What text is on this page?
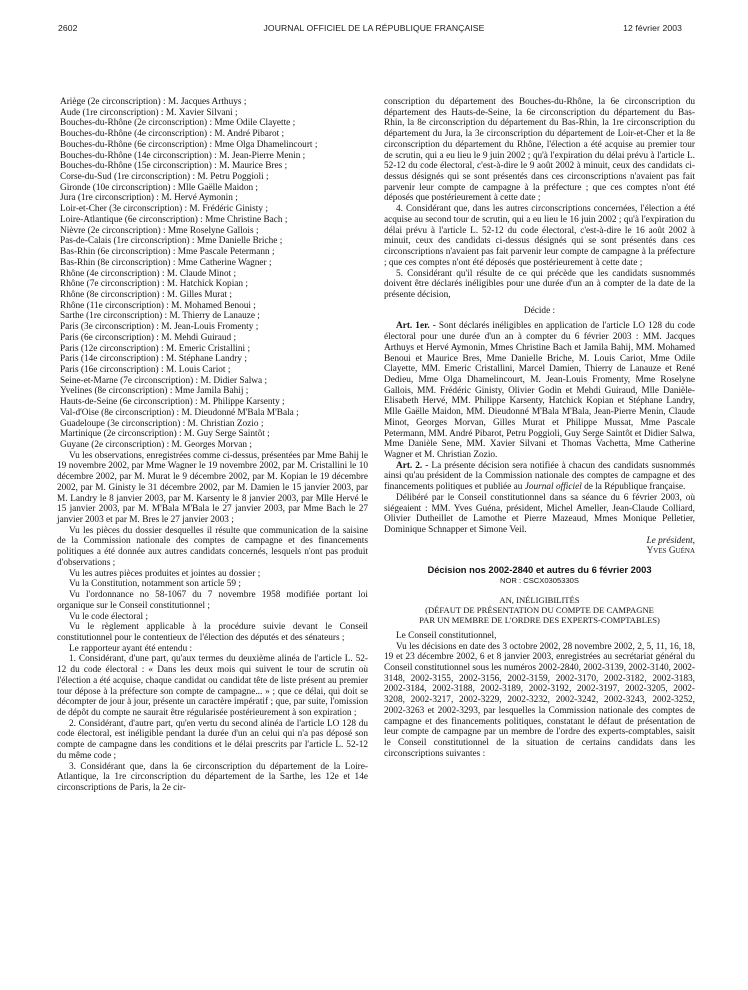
2602	JOURNAL OFFICIEL DE LA RÉPUBLIQUE FRANÇAISE	12 février 2003

Ariège (2e circonscription) : M. Jacques Arthuys ;

Aude (1re circonscription) : M. Xavier Silvani ;

Bouches-du-Rhône (2e circonscription) : Mme Odile Clayette ;

Bouches-du-Rhône (4e circonscription) : M. André Pibarot ;

Bouches-du-Rhône (6e circonscription) : Mme Olga Dhamelincourt ;

Bouches-du-Rhône (14e circonscription) : M. Jean-Pierre Menin ;

Bouches-du-Rhône (15e circonscription) : M. Maurice Bres ;

Corse-du-Sud (1re circonscription) : M. Petru Poggioli ;

Gironde (10e circonscription) : Mlle Gaëlle Maidon ;

Jura (1re circonscription) : M. Hervé Aymonin ;

Loir-et-Cher (3e circonscription) : M. Frédéric Ginisty ;

Loire-Atlantique (6e circonscription) : Mme Christine Bach ;

Nièvre (2e circonscription) : Mme Roselyne Gallois ;

Pas-de-Calais (1re circonscription) : Mme Danielle Briche ;

Bas-Rhin (6e circonscription) : Mme Pascale Petermann ;

Bas-Rhin (8e circonscription) : Mme Catherine Wagner ;

Rhône (4e circonscription) : M. Claude Minot ;

Rhône (7e circonscription) : M. Hatchick Kopian ;

Rhône (8e circonscription) : M. Gilles Murat ;

Rhône (11e circonscription) : M. Mohamed Benoui ;

Sarthe (1re circonscription) : M. Thierry de Lanauze ;

Paris (3e circonscription) : M. Jean-Louis Fromenty ;

Paris (6e circonscription) : M. Mehdi Guiraud ;

Paris (12e circonscription) : M. Emeric Cristallini ;

Paris (14e circonscription) : M. Stéphane Landry ;

Paris (16e circonscription) : M. Louis Cariot ;

Seine-et-Marne (7e circonscription) : M. Didier Salwa ;

Yvelines (8e circonscription) : Mme Jamila Bahij ;

Hauts-de-Seine (6e circonscription) : M. Philippe Karsenty ;

Val-d'Oise (8e circonscription) : M. Dieudonné M'Bala M'Bala ;

Guadeloupe (3e circonscription) : M. Christian Zozio ;

Martinique (2e circonscription) : M. Guy Serge Saintôt ;

Guyane (2e circonscription) : M. Georges Morvan ;

Vu les observations, enregistrées comme ci-dessus, présentées par Mme Bahij le 19 novembre 2002, par Mme Wagner le 19 novembre 2002, par M. Cristallini le 10 décembre 2002, par M. Murat le 9 décembre 2002, par M. Kopian le 19 décembre 2002, par M. Ginisty le 31 décembre 2002, par M. Damien le 15 janvier 2003, par M. Landry le 8 janvier 2003, par M. Karsenty le 8 janvier 2003, par Mlle Hervé le 15 janvier 2003, par M. M'Bala M'Bala le 27 janvier 2003, par Mme Bach le 27 janvier 2003 et par M. Bres le 27 janvier 2003 ;

Vu les pièces du dossier desquelles il résulte que communication de la saisine de la Commission nationale des comptes de campagne et des financements politiques a été donnée aux autres candidats concernés, lesquels n'ont pas produit d'observations ;

Vu les autres pièces produites et jointes au dossier ;

Vu la Constitution, notamment son article 59 ;

Vu l'ordonnance no 58-1067 du 7 novembre 1958 modifiée portant loi organique sur le Conseil constitutionnel ;

Vu le code électoral ;

Vu le règlement applicable à la procédure suivie devant le Conseil constitutionnel pour le contentieux de l'élection des députés et des sénateurs ;

Le rapporteur ayant été entendu :

1. Considérant, d'une part, qu'aux termes du deuxième alinéa de l'article L. 52-12 du code électoral : « Dans les deux mois qui suivent le tour de scrutin où l'élection a été acquise, chaque candidat ou candidat tête de liste présent au premier tour dépose à la préfecture son compte de campagne... » ; que ce délai, qui doit se décompter de jour à jour, présente un caractère impératif ; que, par suite, l'omission de dépôt du compte ne saurait être régularisée postérieurement à son expiration ;

2. Considérant, d'autre part, qu'en vertu du second alinéa de l'article LO 128 du code électoral, est inéligible pendant la durée d'un an celui qui n'a pas déposé son compte de campagne dans les conditions et le délai prescrits par l'article L. 52-12 du même code ;

3. Considérant que, dans la 6e circonscription du département de la Loire-Atlantique, la 1re circonscription du département de la Sarthe, les 12e et 14e circonscriptions de Paris, la 2e cir-

conscription du département des Bouches-du-Rhône, la 6e circonscription du département des Hauts-de-Seine, la 6e circonscription du département du Bas-Rhin, la 8e circonscription du département du Bas-Rhin, la 1re circonscription du département du Jura, la 3e circonscription du département de Loir-et-Cher et la 8e circonscription du département du Rhône, l'élection a été acquise au premier tour de scrutin, qui a eu lieu le 9 juin 2002 ; qu'à l'expiration du délai prévu à l'article L. 52-12 du code électoral, c'est-à-dire le 9 août 2002 à minuit, ceux des candidats ci-dessus désignés qui se sont présentés dans ces circonscriptions n'avaient pas fait parvenir leur compte de campagne à la préfecture ; que ces comptes n'ont été déposés que postérieurement à cette date ;

4. Considérant que, dans les autres circonscriptions concernées, l'élection a été acquise au second tour de scrutin, qui a eu lieu le 16 juin 2002 ; qu'à l'expiration du délai prévu à l'article L. 52-12 du code électoral, c'est-à-dire le 16 août 2002 à minuit, ceux des candidats ci-dessus désignés qui se sont présentés dans ces circonscriptions n'avaient pas fait parvenir leur compte de campagne à la préfecture ; que ces comptes n'ont été déposés que postérieurement à cette date ;

5. Considérant qu'il résulte de ce qui précède que les candidats susnommés doivent être déclarés inéligibles pour une durée d'un an à compter de la date de la présente décision,

Décide :

Art. 1er. - Sont déclarés inéligibles en application de l'article LO 128 du code électoral pour une durée d'un an à compter du 6 février 2003 : MM. Jacques Arthuys et Hervé Aymonin, Mmes Christine Bach et Jamila Bahij, MM. Mohamed Benoui et Maurice Bres, Mme Danielle Briche, M. Louis Cariot, Mme Odile Clayette, MM. Emeric Cristallini, Marcel Damien, Thierry de Lanauze et René Dedieu, Mme Olga Dhamelincourt, M. Jean-Louis Fromenty, Mme Roselyne Gallois, MM. Frédéric Ginisty, Olivier Godin et Mehdi Guiraud, Mlle Danièle-Elisabeth Hervé, MM. Philippe Karsenty, Hatchick Kopian et Stéphane Landry, Mlle Gaëlle Maidon, MM. Dieudonné M'Bala M'Bala, Jean-Pierre Menin, Claude Minot, Georges Morvan, Gilles Murat et Philippe Mussat, Mme Pascale Petermann, MM. André Pibarot, Petru Poggioli, Guy Serge Saintôt et Didier Salwa, Mme Danièle Sene, MM. Xavier Silvani et Thomas Vachetta, Mme Catherine Wagner et M. Christian Zozio.

Art. 2. - La présente décision sera notifiée à chacun des candidats susnommés ainsi qu'au président de la Commission nationale des comptes de campagne et des financements politiques et publiée au Journal officiel de la République française.

Délibéré par le Conseil constitutionnel dans sa séance du 6 février 2003, où siégeaient : MM. Yves Guéna, président, Michel Ameller, Jean-Claude Colliard, Olivier Dutheillet de Lamothe et Pierre Mazeaud, Mmes Monique Pelletier, Dominique Schnapper et Simone Veil.

Le président,

Yves Guéna

Décision nos 2002-2840 et autres du 6 février 2003

NOR : CSCX0305330S

AN, INÉLIGIBILITÉS

(DÉFAUT DE PRÉSENTATION DU COMPTE DE CAMPAGNE

PAR UN MEMBRE DE L'ORDRE DES EXPERTS-COMPTABLES)

Le Conseil constitutionnel,

Vu les décisions en date des 3 octobre 2002, 28 novembre 2002, 2, 5, 11, 16, 18, 19 et 23 décembre 2002, 6 et 8 janvier 2003, enregistrées au secrétariat général du Conseil constitutionnel sous les numéros 2002-2840, 2002-3139, 2002-3140, 2002-3148, 2002-3155, 2002-3156, 2002-3159, 2002-3170, 2002-3182, 2002-3183, 2002-3184, 2002-3188, 2002-3189, 2002-3192, 2002-3197, 2002-3205, 2002-3208, 2002-3217, 2002-3229, 2002-3232, 2002-3242, 2002-3243, 2002-3252, 2002-3263 et 2002-3293, par lesquelles la Commission nationale des comptes de campagne et des financements politiques, constatant le défaut de présentation de leur compte de campagne par un membre de l'ordre des experts-comptables, saisit le Conseil constitutionnel de la situation de certains candidats dans les circonscriptions suivantes :
